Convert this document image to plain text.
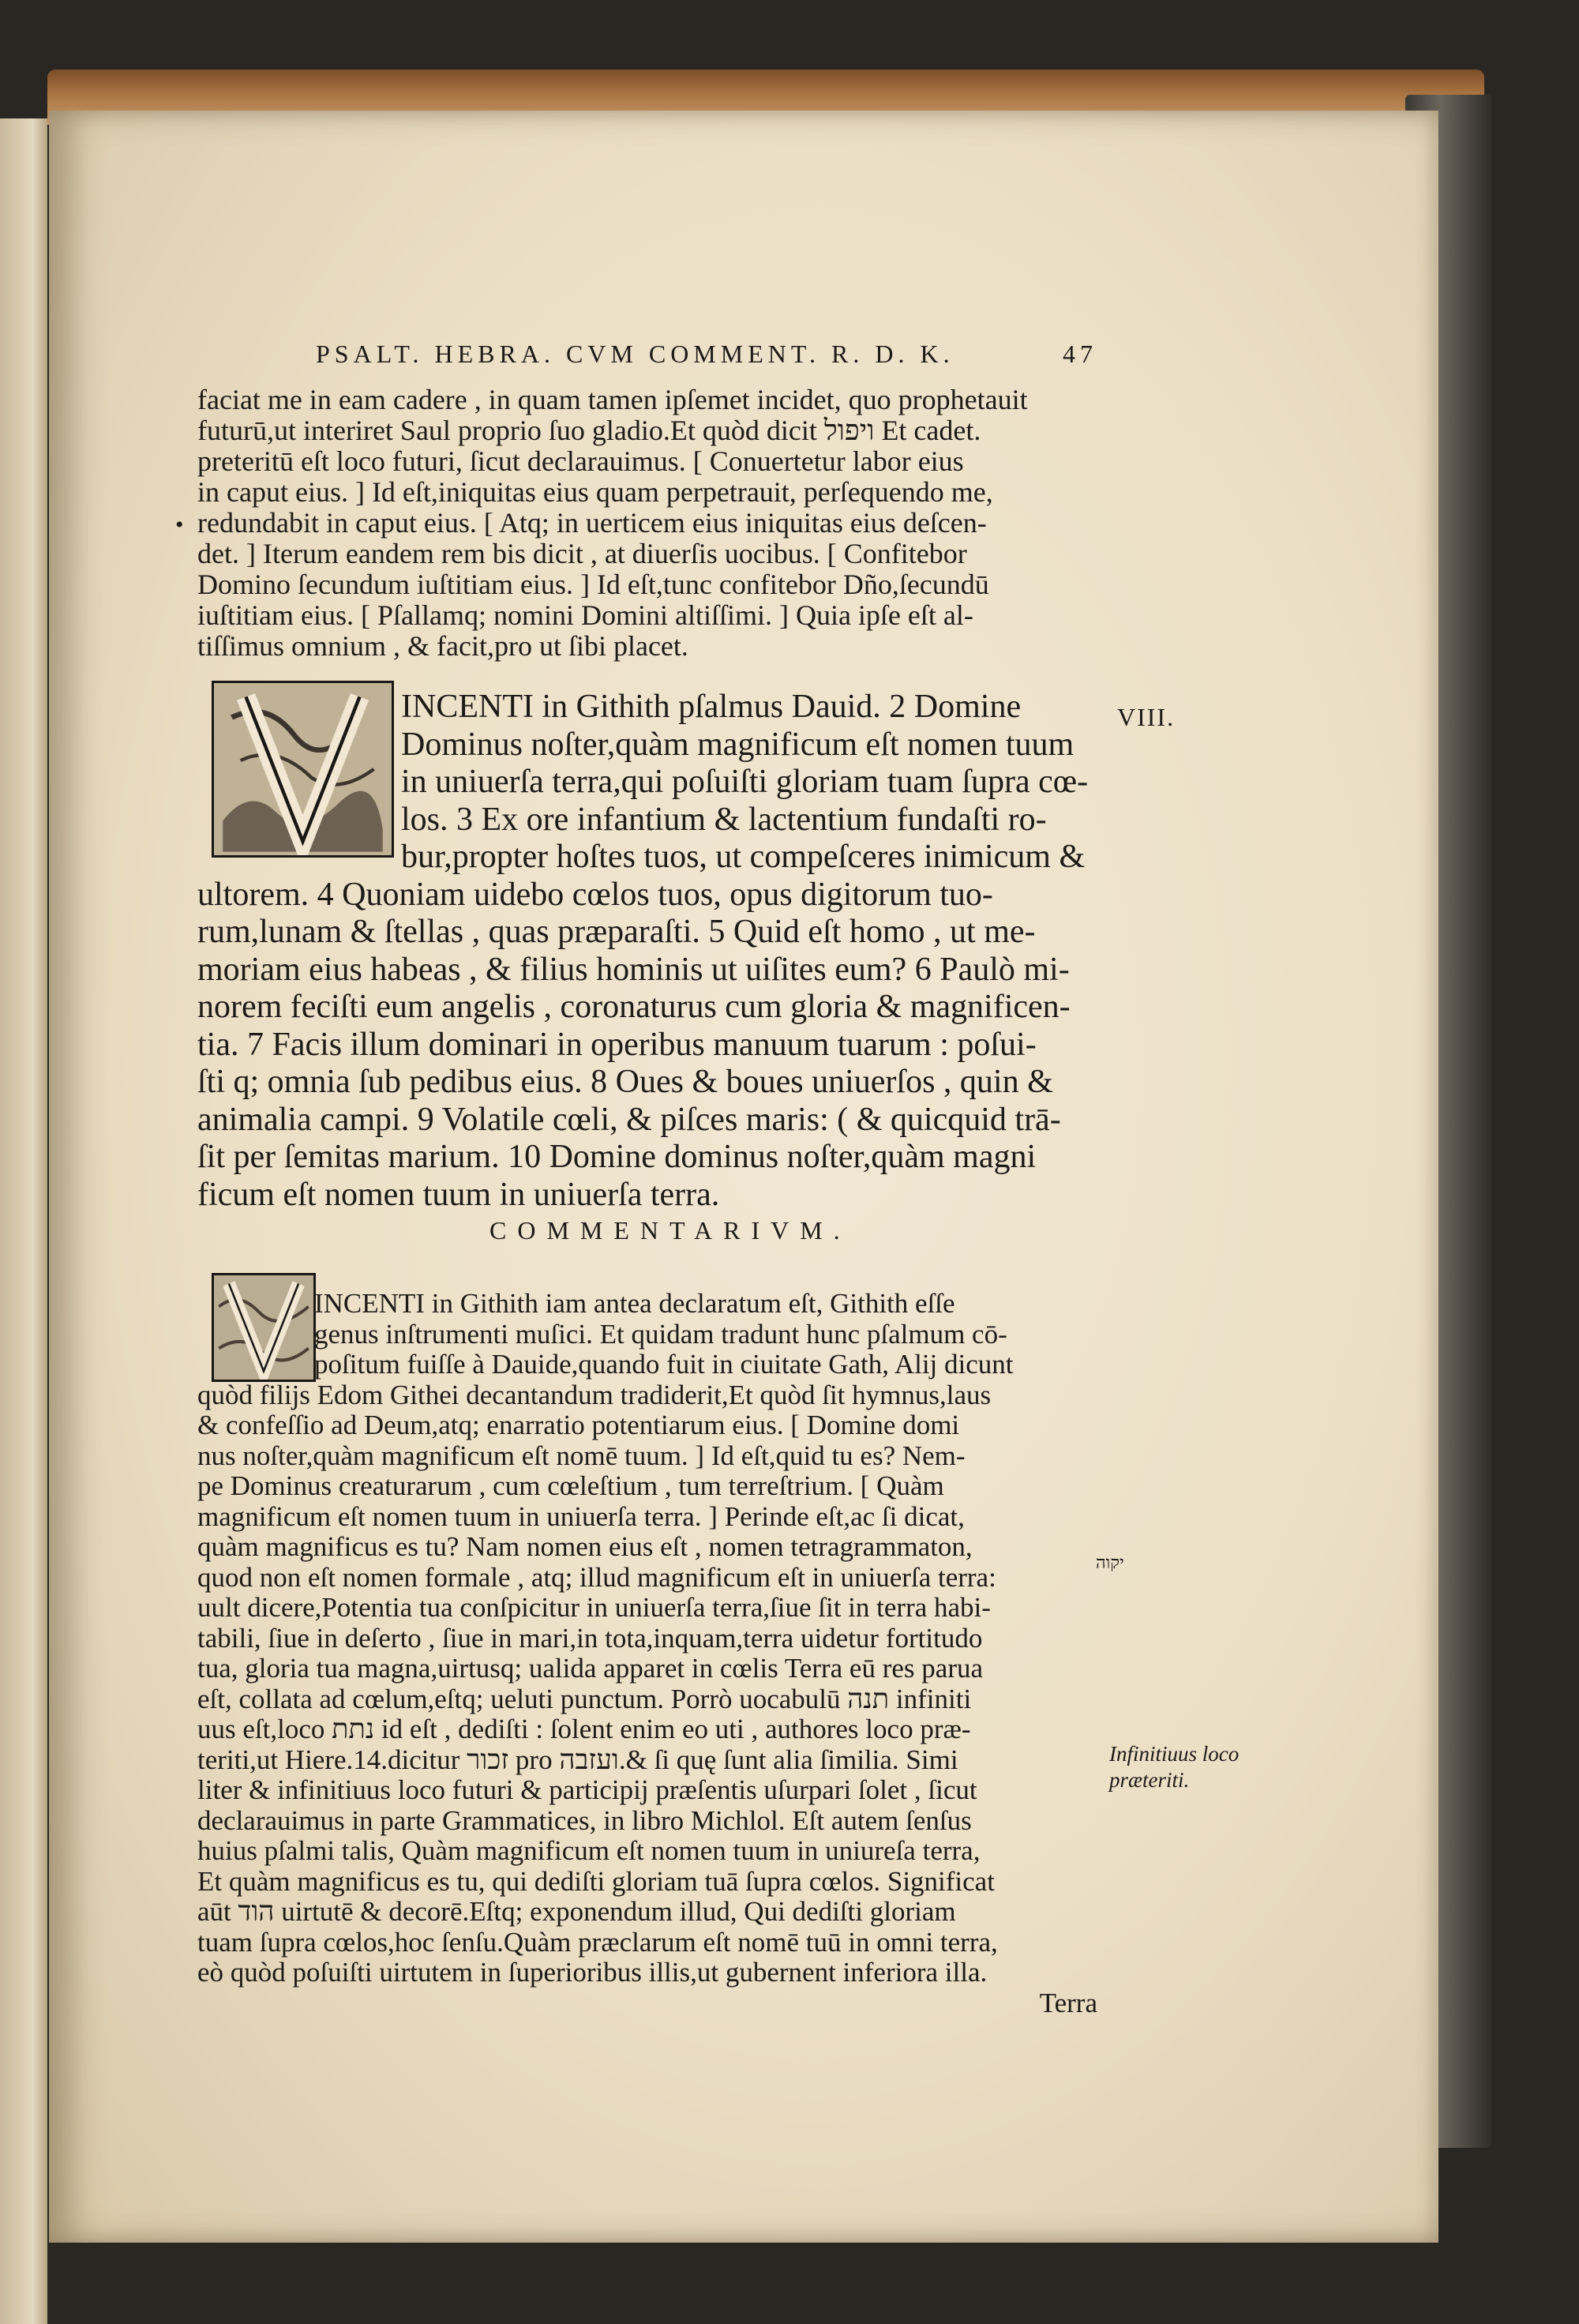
PSALT. HEBRA. CVM COMMENT. R. D. K.	47
•
faciat me in eam cadere , in quam tamen ipſemet incidet, quo prophetauit
futurū,ut interiret Saul proprio ſuo gladio.Et quòd dicit ויפול Et cadet.
preteritū eſt loco futuri, ſicut declarauimus. [ Conuertetur labor eius
in caput eius. ] Id eſt,iniquitas eius quam perpetrauit, perſequendo me,
redundabit in caput eius. [ Atq; in uerticem eius iniquitas eius deſcen-
det. ] Iterum eandem rem bis dicit , at diuerſis uocibus. [ Confitebor
Domino ſecundum iuſtitiam eius. ] Id eſt,tunc confitebor Dño,ſecundū
iuſtitiam eius. [ Pſallamq; nomini Domini altiſſimi. ] Quia ipſe eſt al-
tiſſimus omnium , & facit,pro ut ſibi placet.
VIII.
INCENTI in Githith pſalmus Dauid. 2 Domine
Dominus noſter,quàm magnificum eſt nomen tuum
in uniuerſa terra,qui poſuiſti gloriam tuam ſupra cœ-
los. 3 Ex ore infantium & lactentium fundaſti ro-
bur,propter hoſtes tuos, ut compeſceres inimicum &
ultorem. 4 Quoniam uidebo cœlos tuos, opus digitorum tuo-
rum,lunam & ſtellas , quas præparaſti. 5 Quid eſt homo , ut me-
moriam eius habeas , & filius hominis ut uiſites eum? 6 Paulò mi-
norem feciſti eum angelis , coronaturus cum gloria & magnificen-
tia. 7 Facis illum dominari in operibus manuum tuarum : poſui-
ſti q; omnia ſub pedibus eius. 8 Oues & boues uniuerſos , quin &
animalia campi. 9 Volatile cœli, & piſces maris: ( & quicquid trā-
ſit per ſemitas marium. 10 Domine dominus noſter,quàm magni
ficum eſt nomen tuum in uniuerſa terra.
COMMENTARIVM.
INCENTI in Githith iam antea declaratum eſt, Githith eſſe
genus inſtrumenti muſici. Et quidam tradunt hunc pſalmum cō-
poſitum fuiſſe à Dauide,quando fuit in ciuitate Gath, Alij dicunt
quòd filijs Edom Githei decantandum tradiderit,Et quòd ſit hymnus,laus
& confeſſio ad Deum,atq; enarratio potentiarum eius. [ Domine domi
nus noſter,quàm magnificum eſt nomē tuum. ] Id eſt,quid tu es? Nem-
pe Dominus creaturarum , cum cœleſtium , tum terreſtrium. [ Quàm
magnificum eſt nomen tuum in uniuerſa terra. ] Perinde eſt,ac ſi dicat,
quàm magnificus es tu? Nam nomen eius eſt , nomen tetragrammaton,
quod non eſt nomen formale , atq; illud magnificum eſt in uniuerſa terra:
uult dicere,Potentia tua conſpicitur in uniuerſa terra,ſiue ſit in terra habi-
tabili, ſiue in deſerto , ſiue in mari,in tota,inquam,terra uidetur fortitudo
tua, gloria tua magna,uirtusq; ualida apparet in cœlis Terra eū res parua
eſt, collata ad cœlum,eſtq; ueluti punctum. Porrò uocabulū תנה infiniti
uus eſt,loco נתת id eſt , dediſti : ſolent enim eo uti , authores loco præ-
teriti,ut Hiere.14.dicitur זכור pro ועזבה.& ſi quę ſunt alia ſimilia. Simi
liter & infinitiuus loco futuri & participij præſentis uſurpari ſolet , ſicut
declarauimus in parte Grammatices, in libro Michlol. Eſt autem ſenſus
huius pſalmi talis, Quàm magnificum eſt nomen tuum in uniureſa terra,
Et quàm magnificus es tu, qui dediſti gloriam tuā ſupra cœlos. Significat
aūt הוד uirtutē & decorē.Eſtq; exponendum illud, Qui dediſti gloriam
tuam ſupra cœlos,hoc ſenſu.Quàm præclarum eſt nomē tuū in omni terra,
eò quòd poſuiſti uirtutem in ſuperioribus illis,ut gubernent inferiora illa.
Terra
יקוה
Infinitiuus loco
præteriti.
